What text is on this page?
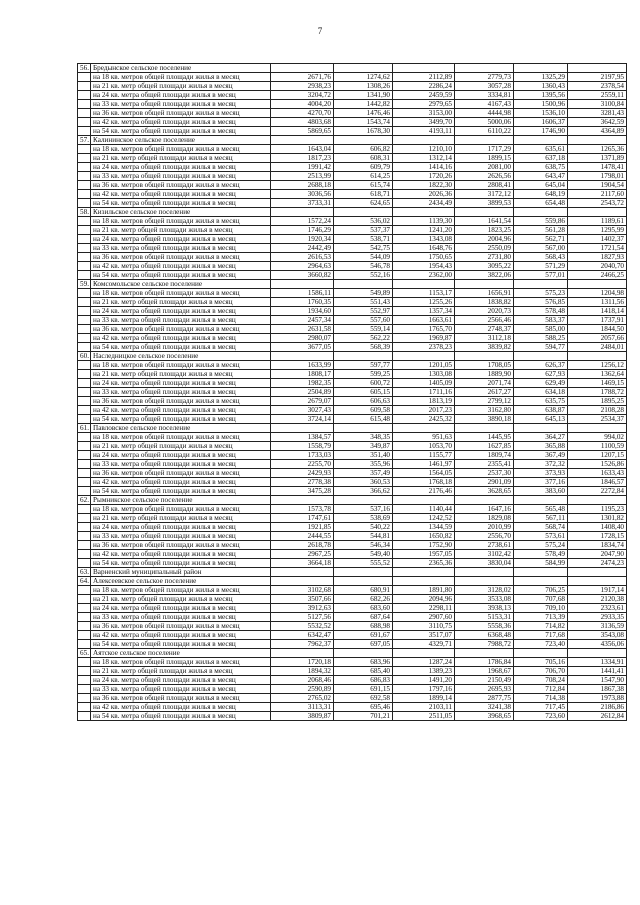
7
56.	Бредынское сельское поселение						
	на 18 кв. метров общей площади жилья в месяц	2671,76	1274,62	2112,89	2779,73	1325,29	2197,95
	на 21 кв. метр общей площади жилья в месяц	2938,23	1308,26	2286,24	3057,28	1360,43	2378,54
	на 24 кв. метра общей площади жилья в месяц	3204,72	1341,90	2459,59	3334,81	1395,56	2559,11
	на 33 кв. метра общей площади жилья в месяц	4004,20	1442,82	2979,65	4167,43	1500,96	3100,84
	на 36 кв. метров общей площади жилья в месяц	4270,70	1476,46	3153,00	4444,98	1536,10	3281,43
	на 42 кв. метра общей площади жилья в месяц	4803,68	1543,74	3499,70	5000,06	1606,37	3642,59
	на 54 кв. метра общей площади жилья в месяц	5869,65	1678,30	4193,11	6110,22	1746,90	4364,89
57.	Калининское сельское поселение						
	на 18 кв. метров общей площади жилья в месяц	1643,04	606,82	1210,10	1717,29	635,61	1265,36
	на 21 кв. метр общей площади жилья в месяц	1817,23	608,31	1312,14	1899,15	637,18	1371,89
	на 24 кв. метра общей площади жилья в месяц	1991,42	609,79	1414,16	2081,00	638,75	1478,41
	на 33 кв. метра общей площади жилья в месяц	2513,99	614,25	1720,26	2626,56	643,47	1798,01
	на 36 кв. метров общей площади жилья в месяц	2688,18	615,74	1822,30	2808,41	645,04	1904,54
	на 42 кв. метра общей площади жилья в месяц	3036,56	618,71	2026,36	3172,12	648,19	2117,60
	на 54 кв. метра общей площади жилья в месяц	3733,31	624,65	2434,49	3899,53	654,48	2543,72
58.	Кизильское сельское поселение						
	на 18 кв. метров общей площади жилья в месяц	1572,24	536,02	1139,30	1641,54	559,86	1189,61
	на 21 кв. метр общей площади жилья в месяц	1746,29	537,37	1241,20	1823,25	561,28	1295,99
	на 24 кв. метра общей площади жилья в месяц	1920,34	538,71	1343,08	2004,96	562,71	1402,37
	на 33 кв. метра общей площади жилья в месяц	2442,49	542,75	1648,76	2550,09	567,00	1721,54
	на 36 кв. метров общей площади жилья в месяц	2616,53	544,09	1750,65	2731,80	568,43	1827,93
	на 42 кв. метра общей площади жилья в месяц	2964,63	546,78	1954,43	3095,22	571,29	2040,70
	на 54 кв. метра общей площади жилья в месяц	3660,82	552,16	2362,00	3822,06	577,01	2466,25
59.	Комсомольское сельское поселение						
	на 18 кв. метров общей площади жилья в месяц	1586,11	549,89	1153,17	1656,91	575,23	1204,98
	на 21 кв. метр общей площади жилья в месяц	1760,35	551,43	1255,26	1838,82	576,85	1311,56
	на 24 кв. метра общей площади жилья в месяц	1934,60	552,97	1357,34	2020,73	578,48	1418,14
	на 33 кв. метра общей площади жилья в месяц	2457,34	557,60	1663,61	2566,46	583,37	1737,91
	на 36 кв. метров общей площади жилья в месяц	2631,58	559,14	1765,70	2748,37	585,00	1844,50
	на 42 кв. метра общей площади жилья в месяц	2980,07	562,22	1969,87	3112,18	588,25	2057,66
	на 54 кв. метра общей площади жилья в месяц	3677,05	568,39	2378,23	3839,82	594,77	2484,01
60.	Наследницкое сельское поселение						
	на 18 кв. метров общей площади жилья в месяц	1633,99	597,77	1201,05	1708,05	626,37	1256,12
	на 21 кв. метр общей площади жилья в месяц	1808,17	599,25	1303,08	1889,90	627,93	1362,64
	на 24 кв. метра общей площади жилья в месяц	1982,35	600,72	1405,09	2071,74	629,49	1469,15
	на 33 кв. метра общей площади жилья в месяц	2504,89	605,15	1711,16	2617,27	634,18	1788,72
	на 36 кв. метров общей площади жилья в месяц	2679,07	606,63	1813,19	2799,12	635,75	1895,25
	на 42 кв. метра общей площади жилья в месяц	3027,43	609,58	2017,23	3162,80	638,87	2108,28
	на 54 кв. метра общей площади жилья в месяц	3724,14	615,48	2425,32	3890,18	645,13	2534,37
61.	Павловское сельское поселение						
	на 18 кв. метров общей площади жилья в месяц	1384,57	348,35	951,63	1445,95	364,27	994,02
	на 21 кв. метр общей площади жилья в месяц	1558,79	349,87	1053,70	1627,85	365,88	1100,59
	на 24 кв. метра общей площади жилья в месяц	1733,03	351,40	1155,77	1809,74	367,49	1207,15
	на 33 кв. метра общей площади жилья в месяц	2255,70	355,96	1461,97	2355,41	372,32	1526,86
	на 36 кв. метров общей площади жилья в месяц	2429,93	357,49	1564,05	2537,30	373,93	1633,43
	на 42 кв. метра общей площади жилья в месяц	2778,38	360,53	1768,18	2901,09	377,16	1846,57
	на 54 кв. метра общей площади жилья в месяц	3475,28	366,62	2176,46	3628,65	383,60	2272,84
62.	Рымникское сельское поселение						
	на 18 кв. метров общей площади жилья в месяц	1573,78	537,16	1140,44	1647,16	565,48	1195,23
	на 21 кв. метр общей площади жилья в месяц	1747,61	538,69	1242,52	1829,08	567,11	1301,82
	на 24 кв. метра общей площади жилья в месяц	1921,85	540,22	1344,59	2010,99	568,74	1408,40
	на 33 кв. метра общей площади жилья в месяц	2444,55	544,81	1650,82	2556,70	573,61	1728,15
	на 36 кв. метров общей площади жилья в месяц	2618,78	546,34	1752,90	2738,61	575,24	1834,74
	на 42 кв. метра общей площади жилья в месяц	2967,25	549,40	1957,05	3102,42	578,49	2047,90
	на 54 кв. метра общей площади жилья в месяц	3664,18	555,52	2365,36	3830,04	584,99	2474,23
63.	Варненский муниципальный район						
64.	Алексеевское сельское поселение						
	на 18 кв. метров общей площади жилья в месяц	3102,68	680,91	1891,80	3128,02	706,25	1917,14
	на 21 кв. метр общей площади жилья в месяц	3507,66	682,26	2094,96	3533,08	707,68	2120,38
	на 24 кв. метра общей площади жилья в месяц	3912,63	683,60	2298,11	3938,13	709,10	2323,61
	на 33 кв. метра общей площади жилья в месяц	5127,56	687,64	2907,60	5153,31	713,39	2933,35
	на 36 кв. метров общей площади жилья в месяц	5532,52	688,98	3110,75	5558,36	714,82	3136,59
	на 42 кв. метра общей площади жилья в месяц	6342,47	691,67	3517,07	6368,48	717,68	3543,08
	на 54 кв. метра общей площади жилья в месяц	7962,37	697,05	4329,71	7988,72	723,40	4356,06
65.	Аятское сельское поселение						
	на 18 кв. метров общей площади жилья в месяц	1720,18	683,96	1287,24	1786,84	705,16	1334,91
	на 21 кв. метр общей площади жилья в месяц	1894,32	685,40	1389,23	1968,67	706,70	1441,41
	на 24 кв. метра общей площади жилья в месяц	2068,46	686,83	1491,20	2150,49	708,24	1547,90
	на 33 кв. метра общей площади жилья в месяц	2590,89	691,15	1797,16	2695,93	712,84	1867,38
	на 36 кв. метров общей площади жилья в месяц	2765,02	692,58	1899,14	2877,75	714,38	1973,88
	на 42 кв. метра общей площади жилья в месяц	3113,31	695,46	2103,11	3241,38	717,45	2186,86
	на 54 кв. метра общей площади жилья в месяц	3809,87	701,21	2511,05	3968,65	723,60	2612,84
